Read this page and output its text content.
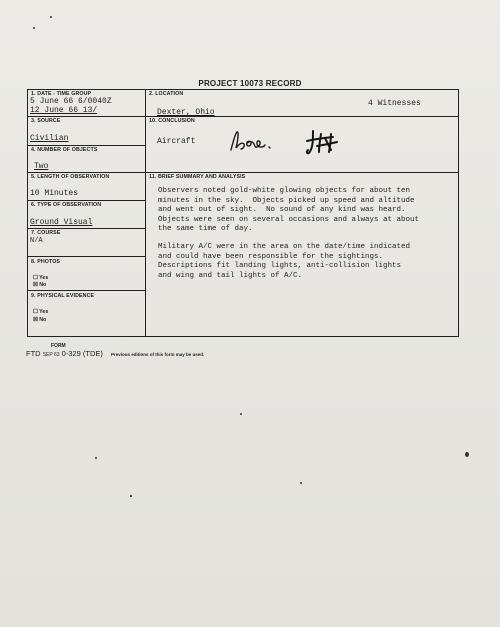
PROJECT 10073 RECORD
1. DATE - TIME GROUP
5 June 66 6/0040Z
12 June 66 13/
2. LOCATION
Dexter, Ohio
4 Witnesses
3. SOURCE
Civilian
10. CONCLUSION
Aircraft
4. NUMBER OF OBJECTS
Two
5. LENGTH OF OBSERVATION
10 Minutes
6. TYPE OF OBSERVATION
Ground Visual
7. COURSE
N/A
8. PHOTOS
☐ Yes
☒ No
9. PHYSICAL EVIDENCE
☐ Yes
☒ No
11. BRIEF SUMMARY AND ANALYSIS

Observers noted gold-white glowing objects for about ten
minutes in the sky.  Objects picked up speed and altitude
and went out of sight.  No sound of any kind was heard.
Objects were seen on several occasions and always at about
the same time of day.

Military A/C were in the area on the date/time indicated
and could have been responsible for the sightings.
Descriptions fit landing lights, anti-collision lights
and wing and tail lights of A/C.

FORM
FTD SEP 63 0-329 (TDE) Previous editions of this form may be used.
